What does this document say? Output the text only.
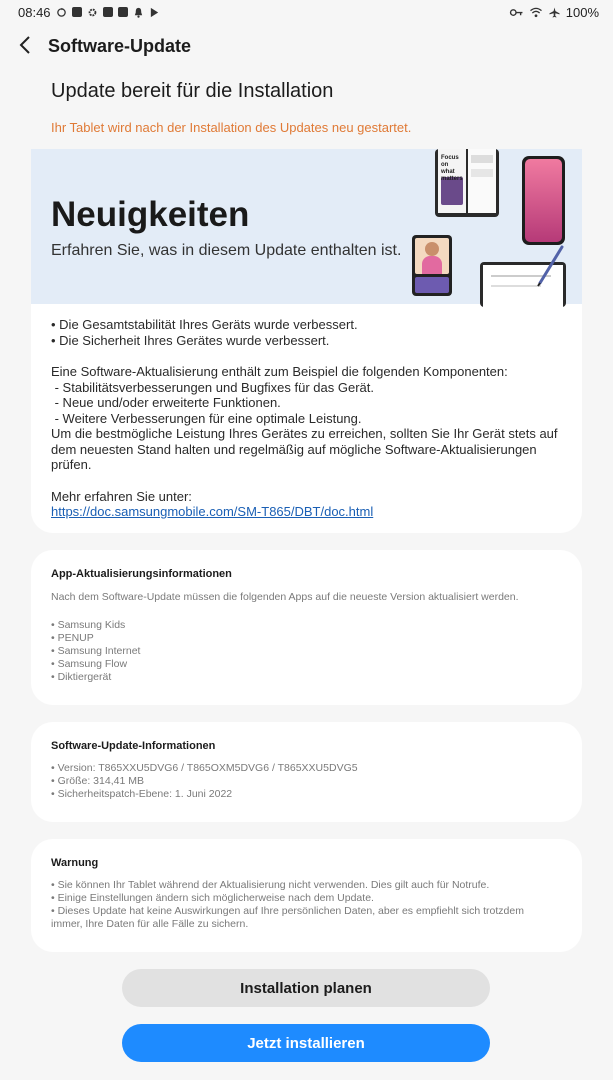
08:46	100%
Software-Update
Update bereit für die Installation
Ihr Tablet wird nach der Installation des Updates neu gestartet.
Neuigkeiten
Erfahren Sie, was in diesem Update enthalten ist.
Focus on what matters
• Die Gesamtstabilität Ihres Geräts wurde verbessert.
• Die Sicherheit Ihres Gerätes wurde verbessert.
Eine Software-Aktualisierung enthält zum Beispiel die folgenden Komponenten:
- Stabilitätsverbesserungen und Bugfixes für das Gerät.
- Neue und/oder erweiterte Funktionen.
- Weitere Verbesserungen für eine optimale Leistung.
Um die bestmögliche Leistung Ihres Gerätes zu erreichen, sollten Sie Ihr Gerät stets auf dem neuesten Stand halten und regelmäßig auf mögliche Software-Aktualisierungen prüfen.
Mehr erfahren Sie unter:
https://doc.samsungmobile.com/SM-T865/DBT/doc.html
App-Aktualisierungsinformationen
Nach dem Software-Update müssen die folgenden Apps auf die neueste Version aktualisiert werden.
• Samsung Kids
• PENUP
• Samsung Internet
• Samsung Flow
• Diktiergerät
Software-Update-Informationen
• Version: T865XXU5DVG6 / T865OXM5DVG6 / T865XXU5DVG5
• Größe: 314,41 MB
• Sicherheitspatch-Ebene: 1. Juni 2022
Warnung
• Sie können Ihr Tablet während der Aktualisierung nicht verwenden. Dies gilt auch für Notrufe.
• Einige Einstellungen ändern sich möglicherweise nach dem Update.
• Dieses Update hat keine Auswirkungen auf Ihre persönlichen Daten, aber es empfiehlt sich trotzdem immer, Ihre Daten für alle Fälle zu sichern.
Installation planen
Jetzt installieren
